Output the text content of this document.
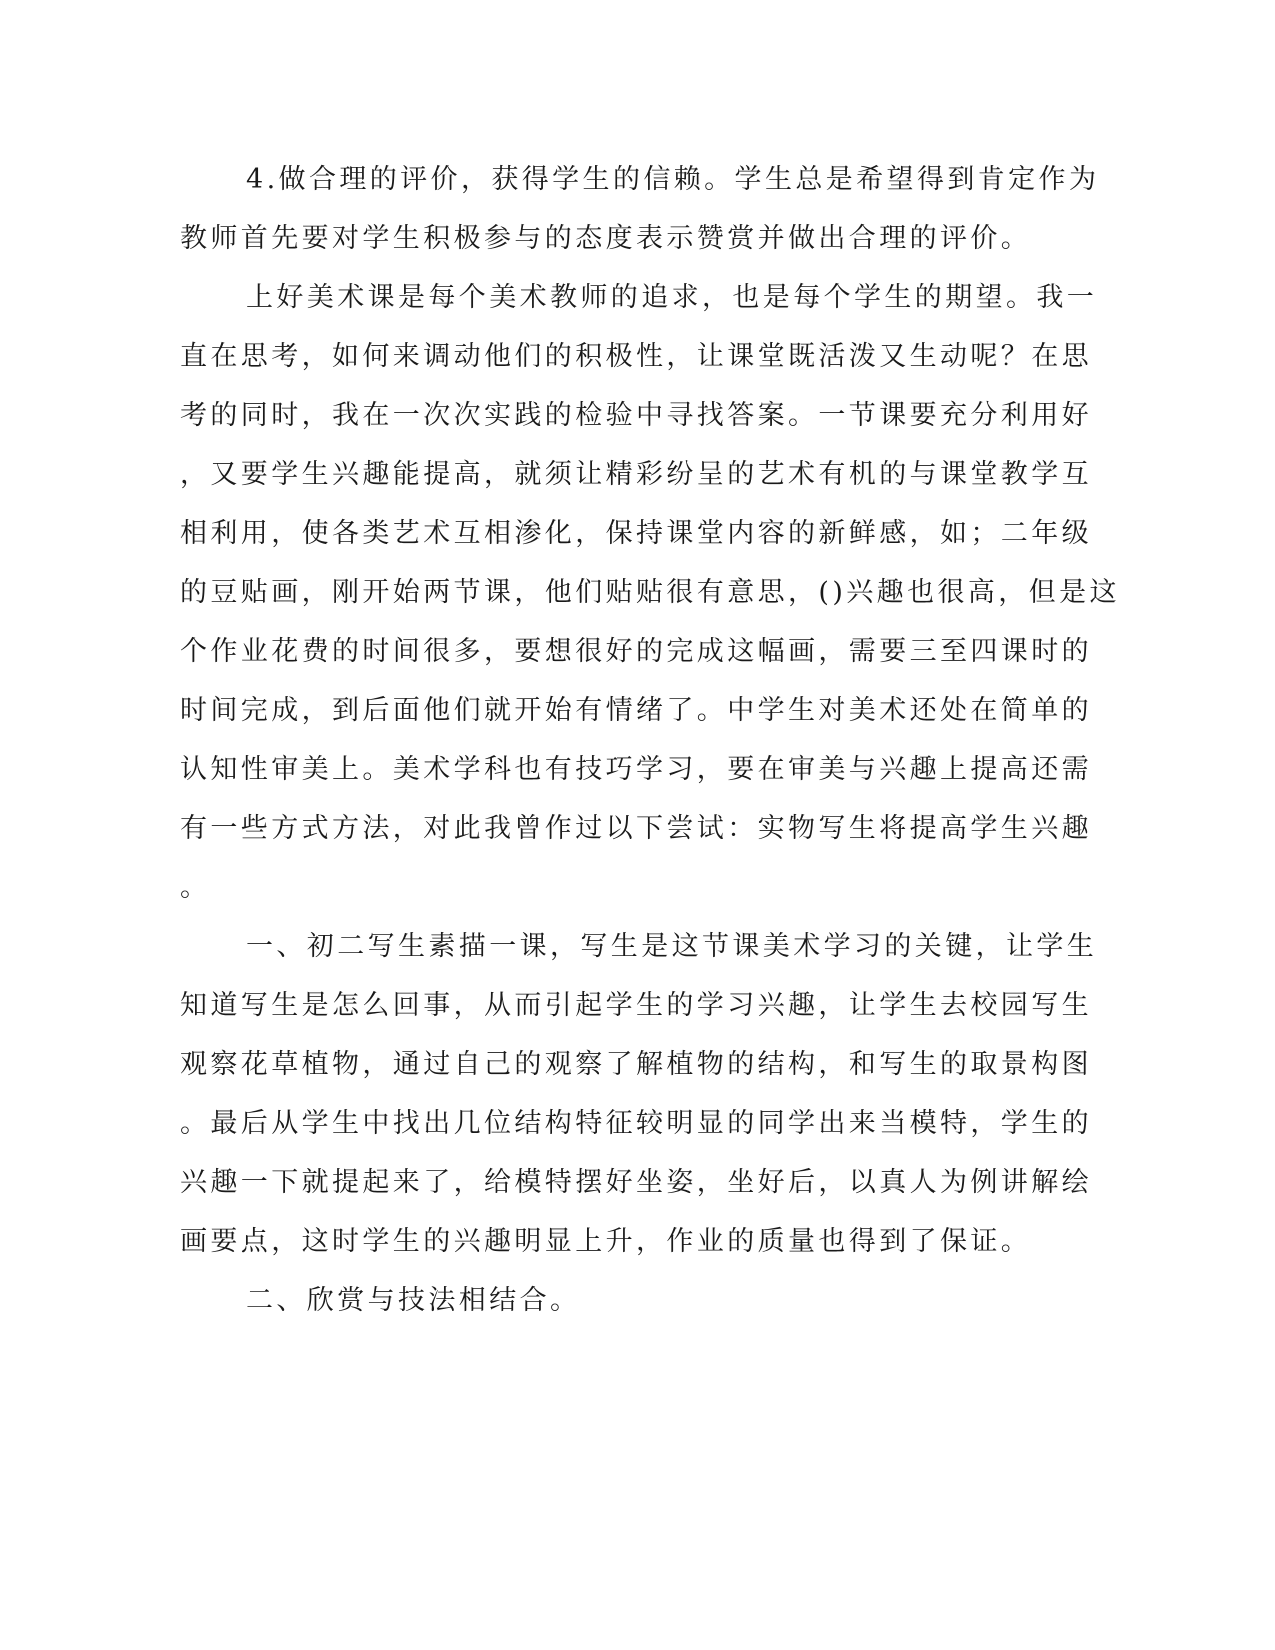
4.做合理的评价，获得学生的信赖。学生总是希望得到肯定作为
教师首先要对学生积极参与的态度表示赞赏并做出合理的评价。
上好美术课是每个美术教师的追求，也是每个学生的期望。我一
直在思考，如何来调动他们的积极性，让课堂既活泼又生动呢？在思
考的同时，我在一次次实践的检验中寻找答案。一节课要充分利用好
，又要学生兴趣能提高，就须让精彩纷呈的艺术有机的与课堂教学互
相利用，使各类艺术互相渗化，保持课堂内容的新鲜感，如；二年级
的豆贴画，刚开始两节课，他们贴贴很有意思，()兴趣也很高，但是这
个作业花费的时间很多，要想很好的完成这幅画，需要三至四课时的
时间完成，到后面他们就开始有情绪了。中学生对美术还处在简单的
认知性审美上。美术学科也有技巧学习，要在审美与兴趣上提高还需
有一些方式方法，对此我曾作过以下尝试：实物写生将提高学生兴趣
。
一、初二写生素描一课，写生是这节课美术学习的关键，让学生
知道写生是怎么回事，从而引起学生的学习兴趣，让学生去校园写生
观察花草植物，通过自己的观察了解植物的结构，和写生的取景构图
。最后从学生中找出几位结构特征较明显的同学出来当模特，学生的
兴趣一下就提起来了，给模特摆好坐姿，坐好后，以真人为例讲解绘
画要点，这时学生的兴趣明显上升，作业的质量也得到了保证。
二、欣赏与技法相结合。
